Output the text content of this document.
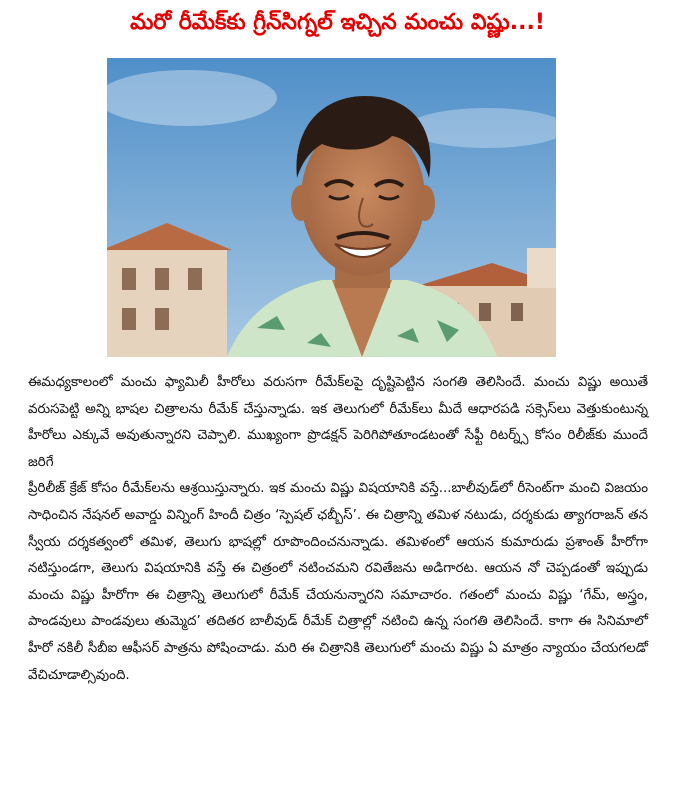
మరో రీమేక్‌కు గ్రీన్‌సిగ్నల్ ఇచ్చిన మంచు విష్ణు...!

ఈమధ్యకాలంలో మంచు ఫ్యామిలీ హీరోలు వరుసగా రీమేక్‌లపై దృష్టిపెట్టిన సంగతి తెలిసిందే. మంచు విష్ణు అయితే వరుసపెట్టి అన్ని భాషల చిత్రాలను రీమేక్ చేస్తున్నాడు. ఇక తెలుగులో రీమేక్‌లు మీదే ఆధారపడి సక్సెస్‌లు వెత్తుకుంటున్న హీరోలు ఎక్కువే అవుతున్నారని చెప్పాలి. ముఖ్యంగా ప్రొడక్షన్ పెరిగిపోతూండటంతో సేఫ్టీ రిటర్న్స్ కోసం రిలీజ్‌కు ముందే జరిగే

ప్రీరిలీజ్ క్రేజ్ కోసం రీమేక్‌లను ఆశ్రయిస్తున్నారు. ఇక మంచు విష్ణు విషయానికి వస్తే...బాలీవుడ్‌లో రీసెంట్‌గా మంచి విజయం సాధించిన నేషనల్ అవార్డు విన్నింగ్ హిందీ చిత్రం ‘స్పెషల్ ఛబ్బీస్’. ఈ చిత్రాన్ని తమిళ నటుడు, దర్శకుడు త్యాగరాజన్ తన స్వీయ దర్శకత్వంలో తమిళ, తెలుగు భాషల్లో రూపొందించనున్నాడు. తమిళంలో ఆయన కుమారుడు ప్రశాంత్ హీరోగా నటిస్తుండగా, తెలుగు విషయానికి వస్తే ఈ చిత్రంలో నటించమని రవితేజను అడిగారట. ఆయన నో చెప్పడంతో ఇప్పుడు మంచు విష్ణు హీరోగా ఈ చిత్రాన్ని తెలుగులో రీమేక్ చేయనున్నారని సమాచారం. గతంలో మంచు విష్ణు ‘గేమ్, అస్త్రం, పాండవులు పాండవులు తుమ్మెద’ తదితర బాలీవుడ్ రీమేక్ చిత్రాల్లో నటించి ఉన్న సంగతి తెలిసిందే. కాగా ఈ సినిమాలో హీరో నకిలీ సీబీఐ ఆఫీసర్ పాత్రను పోషించాడు. మరి ఈ చిత్రానికి తెలుగులో మంచు విష్ణు ఏ మాత్రం న్యాయం చేయగలడో వేచిచూడాల్సివుంది.
